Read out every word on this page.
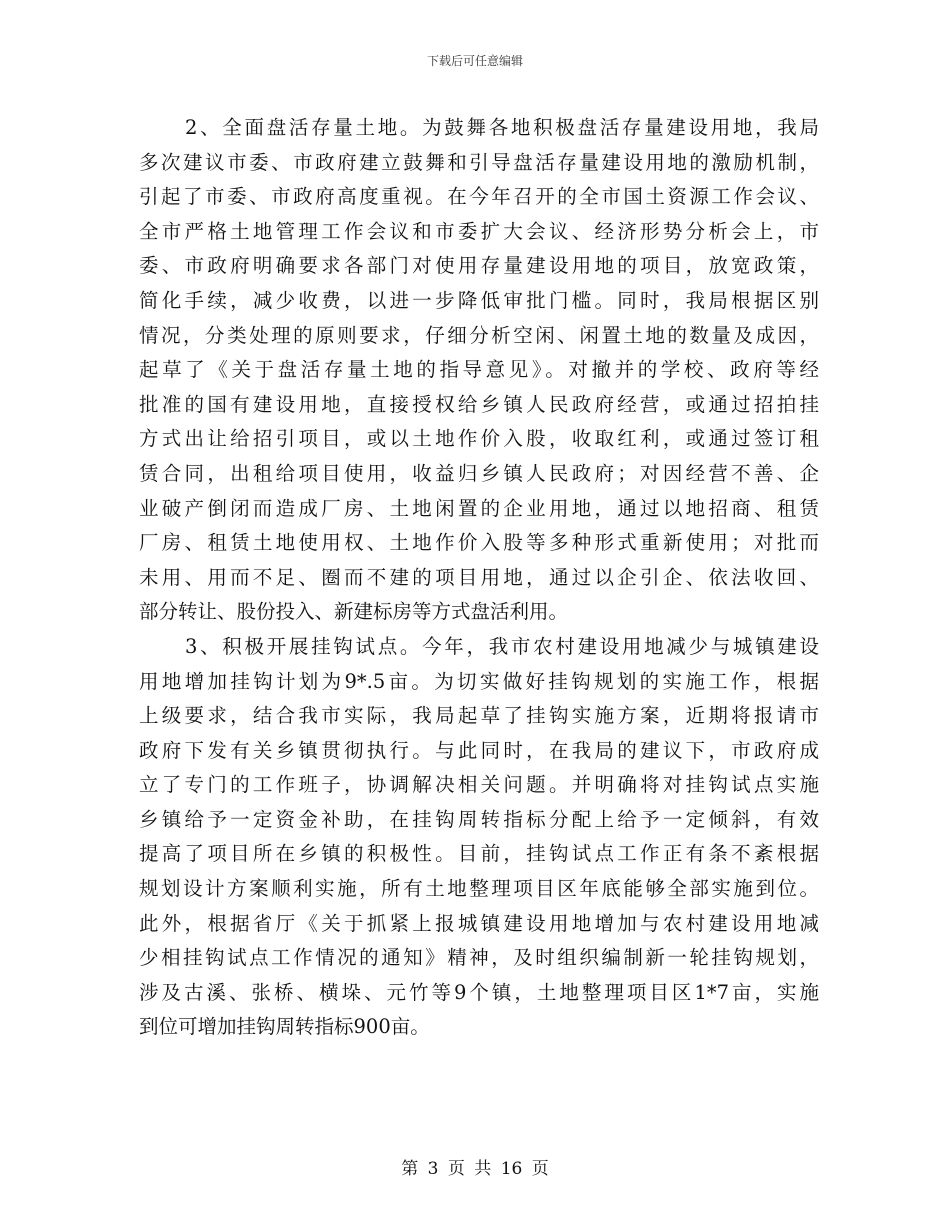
下载后可任意编辑
2、全面盘活存量土地。为鼓舞各地积极盘活存量建设用地，我局
多次建议市委、市政府建立鼓舞和引导盘活存量建设用地的激励机制，
引起了市委、市政府高度重视。在今年召开的全市国土资源工作会议、
全市严格土地管理工作会议和市委扩大会议、经济形势分析会上，市
委、市政府明确要求各部门对使用存量建设用地的项目，放宽政策，
简化手续，减少收费，以进一步降低审批门槛。同时，我局根据区别
情况，分类处理的原则要求，仔细分析空闲、闲置土地的数量及成因，
起草了《关于盘活存量土地的指导意见》。对撤并的学校、政府等经
批准的国有建设用地，直接授权给乡镇人民政府经营，或通过招拍挂
方式出让给招引项目，或以土地作价入股，收取红利，或通过签订租
赁合同，出租给项目使用，收益归乡镇人民政府；对因经营不善、企
业破产倒闭而造成厂房、土地闲置的企业用地，通过以地招商、租赁
厂房、租赁土地使用权、土地作价入股等多种形式重新使用；对批而
未用、用而不足、圈而不建的项目用地，通过以企引企、依法收回、
部分转让、股份投入、新建标房等方式盘活利用。
3、积极开展挂钩试点。今年，我市农村建设用地减少与城镇建设
用地增加挂钩计划为9*.5亩。为切实做好挂钩规划的实施工作，根据
上级要求，结合我市实际，我局起草了挂钩实施方案，近期将报请市
政府下发有关乡镇贯彻执行。与此同时，在我局的建议下，市政府成
立了专门的工作班子，协调解决相关问题。并明确将对挂钩试点实施
乡镇给予一定资金补助，在挂钩周转指标分配上给予一定倾斜，有效
提高了项目所在乡镇的积极性。目前，挂钩试点工作正有条不紊根据
规划设计方案顺利实施，所有土地整理项目区年底能够全部实施到位。
此外，根据省厅《关于抓紧上报城镇建设用地增加与农村建设用地减
少相挂钩试点工作情况的通知》精神，及时组织编制新一轮挂钩规划，
涉及古溪、张桥、横垛、元竹等9个镇，土地整理项目区1*7亩，实施
到位可增加挂钩周转指标900亩。
第 3 页 共 16 页
